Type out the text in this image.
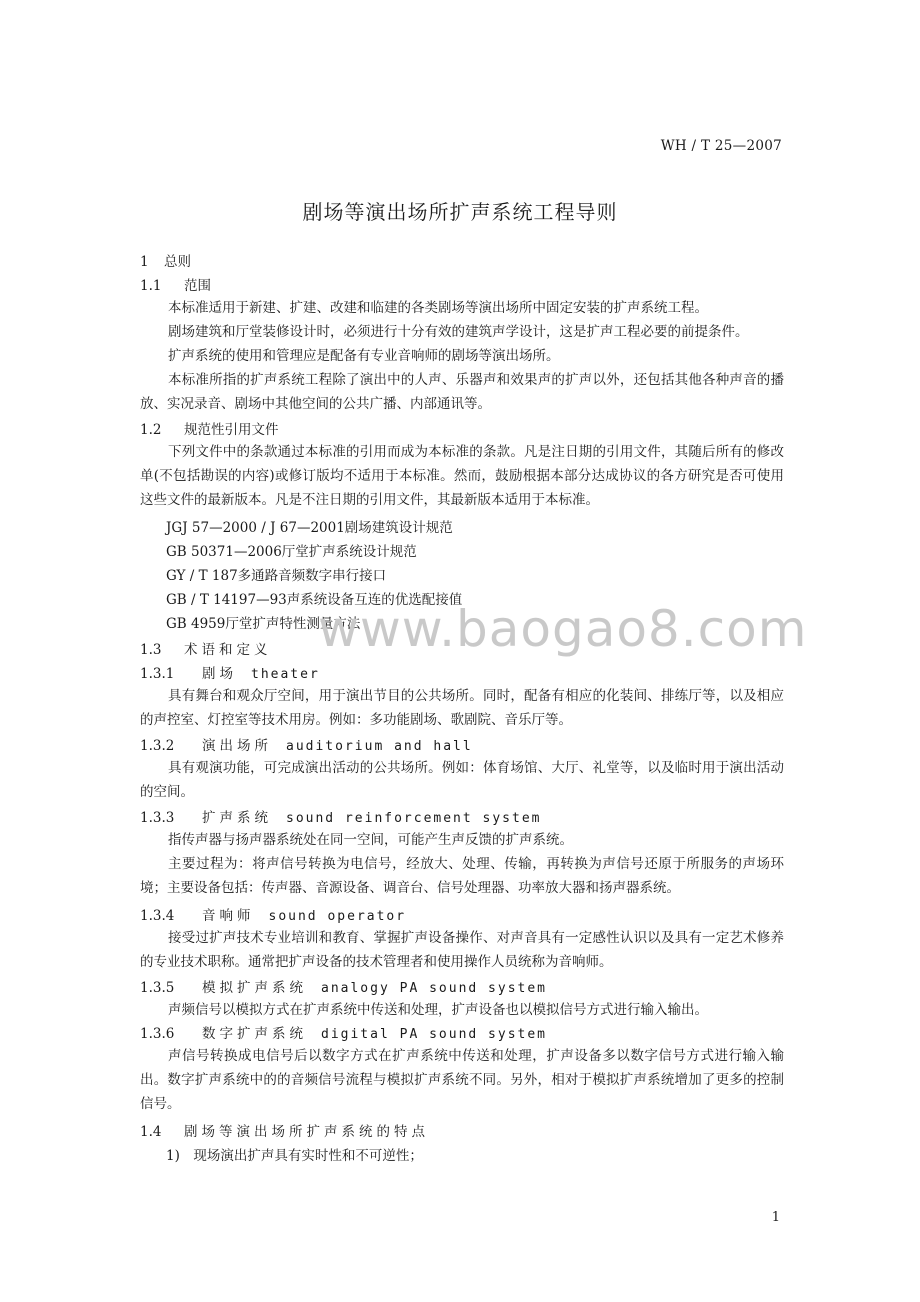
WH / T 25—2007
剧场等演出场所扩声系统工程导则
1 总则
1.1 范围
本标准适用于新建、扩建、改建和临建的各类剧场等演出场所中固定安装的扩声系统工程。
剧场建筑和厅堂装修设计时，必须进行十分有效的建筑声学设计，这是扩声工程必要的前提条件。
扩声系统的使用和管理应是配备有专业音响师的剧场等演出场所。
本标准所指的扩声系统工程除了演出中的人声、乐器声和效果声的扩声以外，还包括其他各种声音的播放、实况录音、剧场中其他空间的公共广播、内部通讯等。
1.2 规范性引用文件
下列文件中的条款通过本标准的引用而成为本标准的条款。凡是注日期的引用文件，其随后所有的修改单(不包括勘误的内容)或修订版均不适用于本标准。然而，鼓励根据本部分达成协议的各方研究是否可使用这些文件的最新版本。凡是不注日期的引用文件，其最新版本适用于本标准。
JGJ 57—2000 / J 67—2001剧场建筑设计规范
GB 50371—2006厅堂扩声系统设计规范
GY / T 187多通路音频数字串行接口
GB / T 14197—93声系统设备互连的优选配接值
GB 4959厅堂扩声特性测量方法
www.baogao8.com
1.3 术语和定义
1.3.1 剧场 theater
具有舞台和观众厅空间，用于演出节目的公共场所。同时，配备有相应的化装间、排练厅等，以及相应的声控室、灯控室等技术用房。例如：多功能剧场、歌剧院、音乐厅等。
1.3.2 演出场所 auditorium and hall
具有观演功能，可完成演出活动的公共场所。例如：体育场馆、大厅、礼堂等，以及临时用于演出活动的空间。
1.3.3 扩声系统 sound reinforcement system
指传声器与扬声器系统处在同一空间，可能产生声反馈的扩声系统。
主要过程为：将声信号转换为电信号，经放大、处理、传输，再转换为声信号还原于所服务的声场环境；主要设备包括：传声器、音源设备、调音台、信号处理器、功率放大器和扬声器系统。
1.3.4 音响师 sound operator
接受过扩声技术专业培训和教育、掌握扩声设备操作、对声音具有一定感性认识以及具有一定艺术修养的专业技术职称。通常把扩声设备的技术管理者和使用操作人员统称为音响师。
1.3.5 模拟扩声系统 analogy PA sound system
声频信号以模拟方式在扩声系统中传送和处理，扩声设备也以模拟信号方式进行输入输出。
1.3.6 数字扩声系统 digital PA sound system
声信号转换成电信号后以数字方式在扩声系统中传送和处理，扩声设备多以数字信号方式进行输入输出。数字扩声系统中的的音频信号流程与模拟扩声系统不同。另外，相对于模拟扩声系统增加了更多的控制信号。
1.4 剧场等演出场所扩声系统的特点
1)　现场演出扩声具有实时性和不可逆性；
1
